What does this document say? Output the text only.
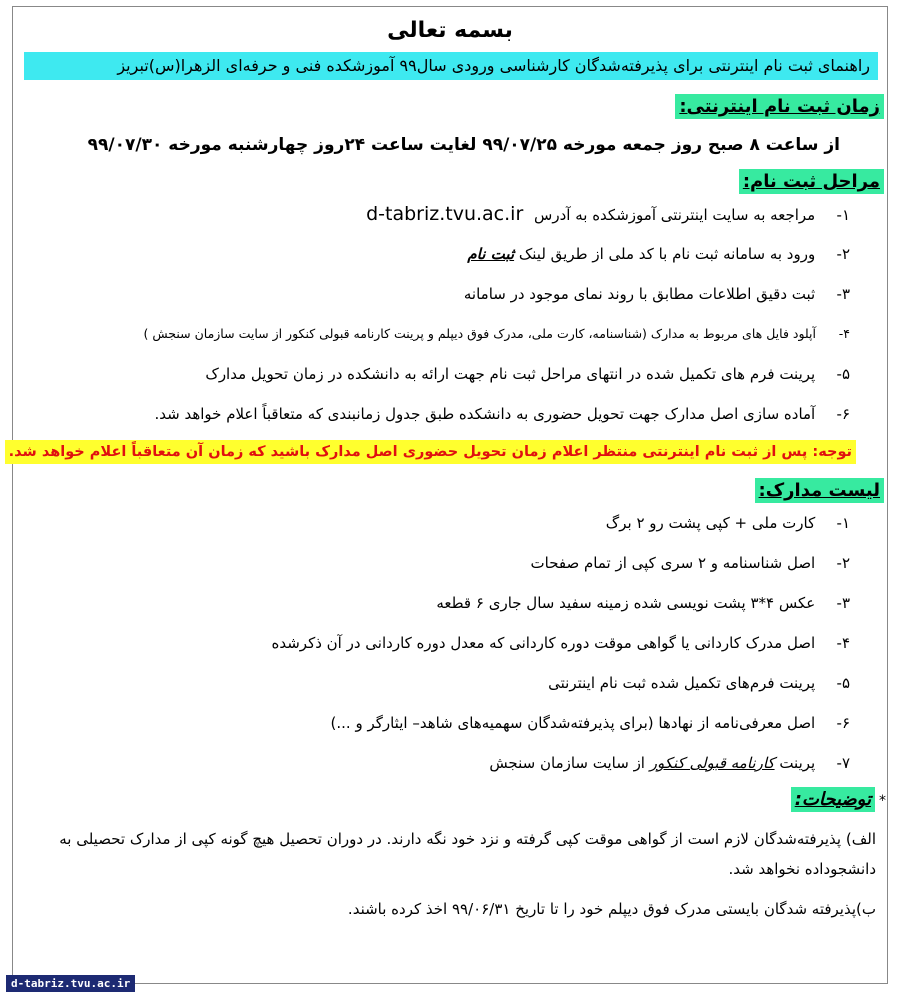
بسمه تعالی
راهنمای ثبت نام اینترنتی برای پذیرفته‌شدگان کارشناسی ورودی سال۹۹ آموزشکده فنی و حرفه‌ای الزهرا(س)تبریز
زمان ثبت نام اینترنتی:
از ساعت ۸ صبح روز جمعه مورخه ۹۹/۰۷/۲۵ لغایت ساعت ۲۴روز چهارشنبه مورخه ۹۹/۰۷/۳۰
مراحل ثبت نام:
۱- مراجعه به سایت اینترنتی آموزشکده به آدرس d-tabriz.tvu.ac.ir
۲- ورود به سامانه ثبت نام با کد ملی از طریق لینک ثبت نام
۳- ثبت دقیق اطلاعات مطابق با روند نمای موجود در سامانه
۴- آپلود فایل های مربوط به مدارک (شناسنامه، کارت ملی، مدرک فوق دیپلم و پرینت کارنامه قبولی کنکور از سایت سازمان سنجش )
۵- پرینت فرم های تکمیل شده در انتهای مراحل ثبت نام جهت ارائه به دانشکده در زمان تحویل مدارک
۶- آماده سازی اصل مدارک جهت تحویل حضوری به دانشکده طبق جدول زمانبندی که متعاقباً اعلام خواهد شد.
توجه: پس از ثبت نام اینترنتی منتظر اعلام زمان تحویل حضوری اصل مدارک باشید که زمان آن متعاقباً اعلام خواهد شد.
لیست مدارک:
۱- کارت ملی + کپی پشت رو ۲ برگ
۲- اصل شناسنامه و ۲ سری کپی از تمام صفحات
۳- عکس ۴*۳ پشت نویسی شده زمینه سفید سال جاری ۶ قطعه
۴- اصل مدرک کاردانی یا گواهی موقت دوره کاردانی که معدل دوره کاردانی در آن ذکرشده
۵- پرینت فرم‌های تکمیل شده ثبت نام اینترنتی
۶- اصل معرفی‌نامه از نهادها (برای پذیرفته‌شدگان سهمیه‌های شاهد– ایثارگر و ...)
۷- پرینت کارنامه قبولی کنکور از سایت سازمان سنجش
*توضیحات:
الف) پذیرفته‌شدگان لازم است از گواهی موقت کپی گرفته و نزد خود نگه دارند. در دوران تحصیل هیچ گونه کپی از مدارک تحصیلی به دانشجوداده نخواهد شد.
ب)پذیرفته شدگان بایستی مدرک فوق دیپلم خود را تا تاریخ ۹۹/۰۶/۳۱ اخذ کرده باشند.
d-tabriz.tvu.ac.ir
